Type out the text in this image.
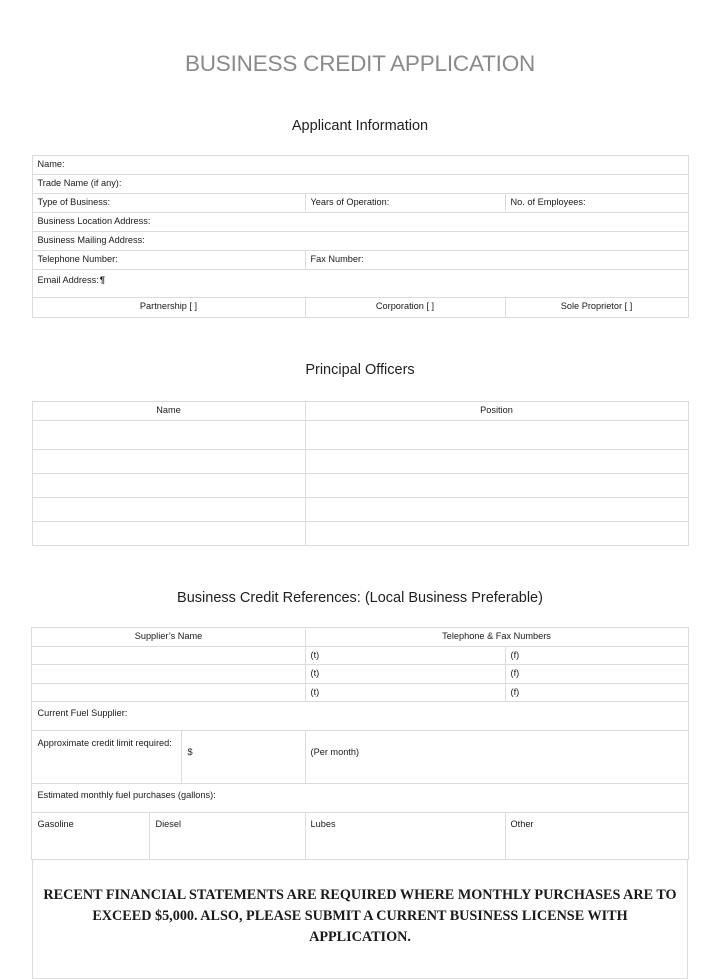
BUSINESS CREDIT APPLICATION
Applicant Information
Name:		
Trade Name (if any):		
Type of Business:	Years of Operation:	No. of Employees:
Business Location Address:		
Business Mailing Address:		
Telephone Number:	Fax Number:	
Email Address:¶		
Partnership [ ]	Corporation [ ]	Sole Proprietor [ ]
Principal Officers
Name	Position

Business Credit References: (Local Business Preferable)
Supplier’s Name			Telephone & Fax Numbers	
			(t)	(f)
			(t)	(f)
			(t)	(f)
Current Fuel Supplier:				
Approximate credit limit required:		$	(Per month)	
Estimated monthly fuel purchases (gallons):				
Gasoline	Diesel		Lubes	Other

RECENT FINANCIAL STATEMENTS ARE REQUIRED WHERE MONTHLY PURCHASES ARE TO EXCEED $5,000. ALSO, PLEASE SUBMIT A CURRENT BUSINESS LICENSE WITH APPLICATION.
